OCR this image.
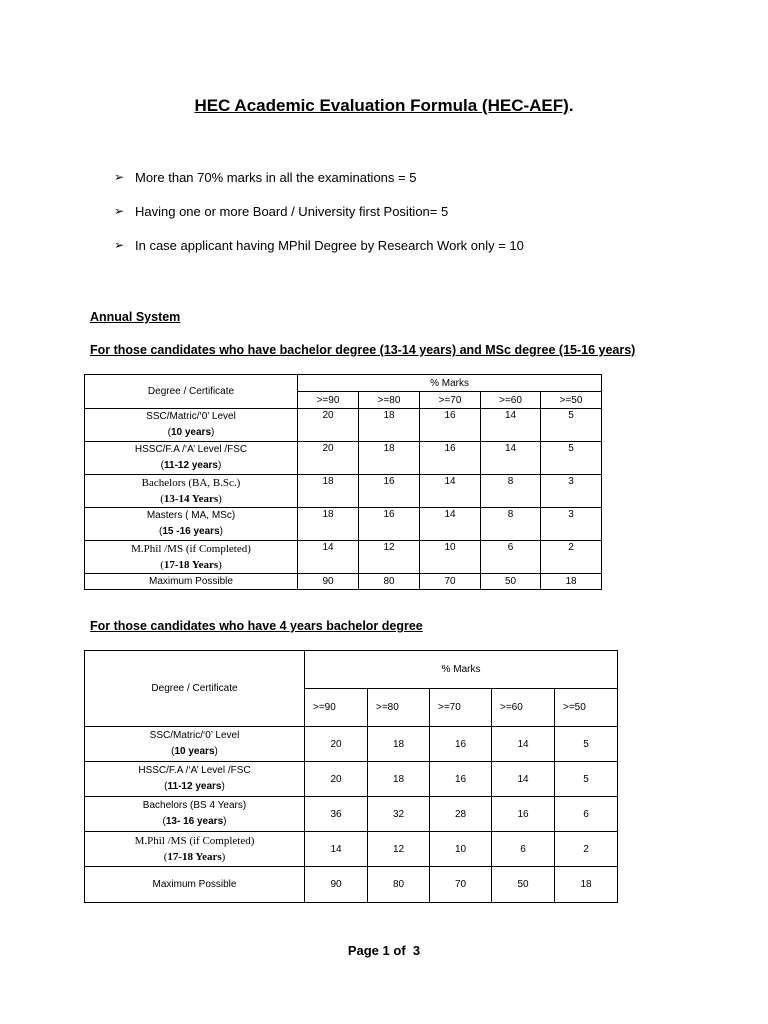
HEC Academic Evaluation Formula (HEC-AEF).
➢ More than 70% marks in all the examinations = 5
➢ Having one or more Board / University first Position= 5
➢ In case applicant having MPhil Degree by Research Work only = 10
Annual System
For those candidates who have bachelor degree (13-14 years) and MSc degree (15-16 years)
Degree / Certificate	% Marks				
	>=90	>=80	>=70	>=60	>=50

SSC/Matric/‘0’ Level
(10 years)	20	18	16	14	5

HSSC/F.A /‘A’ Level /FSC
(11-12 years)	20	18	16	14	5

Bachelors (BA, B.Sc.)
(13-14 Years)	18	16	14	8	3

Masters ( MA, MSc)
(15 -16 years)	18	16	14	8	3

M.Phil /MS (if Completed)
(17-18 Years)	14	12	10	6	2
Maximum Possible	90	80	70	50	18
For those candidates who have 4 years bachelor degree
Degree / Certificate	% Marks				
	>=90	>=80	>=70	>=60	>=50

SSC/Matric/‘0’ Level
(10 years)	20	18	16	14	5

HSSC/F.A /‘A’ Level /FSC
(11-12 years)	20	18	16	14	5

Bachelors (BS 4 Years)
(13- 16 years)	36	32	28	16	6

M.Phil /MS (if Completed)
(17-18 Years)	14	12	10	6	2
Maximum Possible	90	80	70	50	18
Page 1 of 3
